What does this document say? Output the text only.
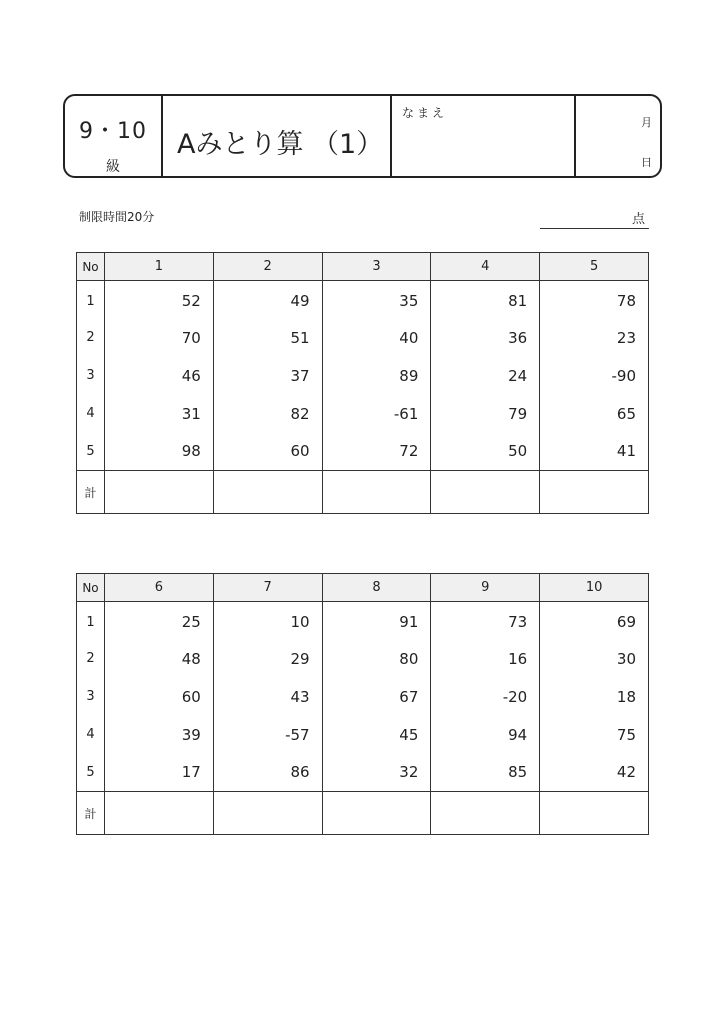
9・10
級
Aみとり算 （1）
なまえ
月
日
制限時間20分	点
No	1	2	3	4	5
1	52	49	35	81	78
2	70	51	40	36	23
3	46	37	89	24	-90
4	31	82	-61	79	65
5	98	60	72	50	41
計					
No	6	7	8	9	10
1	25	10	91	73	69
2	48	29	80	16	30
3	60	43	67	-20	18
4	39	-57	45	94	75
5	17	86	32	85	42
計					
